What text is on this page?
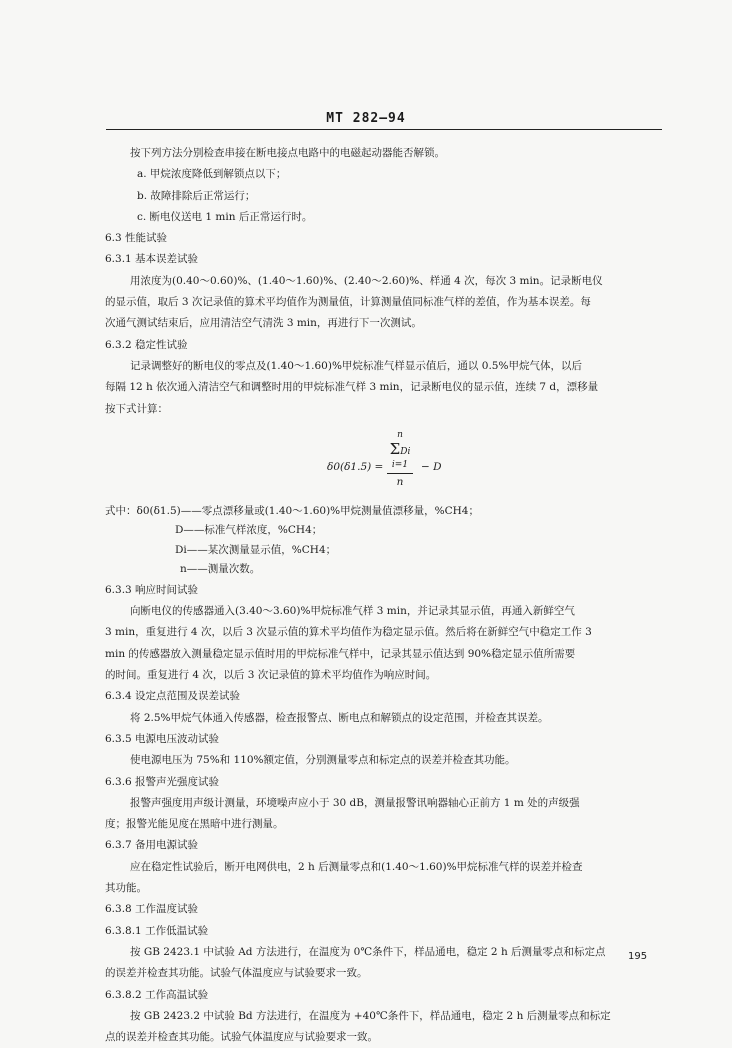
MT 282—94

按下列方法分别检查串接在断电接点电路中的电磁起动器能否解锁。

a. 甲烷浓度降低到解锁点以下；

b. 故障排除后正常运行；

c. 断电仪送电 1 min 后正常运行时。

6.3 性能试验

6.3.1 基本误差试验

用浓度为(0.40～0.60)%、(1.40～1.60)%、(2.40～2.60)%、样通 4 次，每次 3 min。记录断电仪

的显示值，取后 3 次记录值的算术平均值作为测量值，计算测量值同标准气样的差值，作为基本误差。每

次通气测试结束后，应用清洁空气清洗 3 min，再进行下一次测试。

6.3.2 稳定性试验

记录调整好的断电仪的零点及(1.40～1.60)%甲烷标准气样显示值后，通以 0.5%甲烷气体，以后

每隔 12 h 依次通入清洁空气和调整时用的甲烷标准气样 3 min，记录断电仪的显示值，连续 7 d，漂移量

按下式计算：

δ0(δ1.5) =
n
ΣDi
i=1
n
− D

式中：δ0(δ1.5)——零点漂移量或(1.40～1.60)%甲烷测量值漂移量，%CH4；

D——标准气样浓度，%CH4；

Di——某次测量显示值，%CH4；

n——测量次数。

6.3.3 响应时间试验

向断电仪的传感器通入(3.40～3.60)%甲烷标准气样 3 min，并记录其显示值，再通入新鲜空气

3 min，重复进行 4 次，以后 3 次显示值的算术平均值作为稳定显示值。然后将在新鲜空气中稳定工作 3

min 的传感器放入测量稳定显示值时用的甲烷标准气样中，记录其显示值达到 90%稳定显示值所需要

的时间。重复进行 4 次，以后 3 次记录值的算术平均值作为响应时间。

6.3.4 设定点范围及误差试验

将 2.5%甲烷气体通入传感器，检查报警点、断电点和解锁点的设定范围，并检查其误差。

6.3.5 电源电压波动试验

使电源电压为 75%和 110%额定值，分别测量零点和标定点的误差并检查其功能。

6.3.6 报警声光强度试验

报警声强度用声级计测量，环境噪声应小于 30 dB，测量报警讯响器轴心正前方 1 m 处的声级强

度；报警光能见度在黑暗中进行测量。

6.3.7 备用电源试验

应在稳定性试验后，断开电网供电，2 h 后测量零点和(1.40～1.60)%甲烷标准气样的误差并检查

其功能。

6.3.8 工作温度试验

6.3.8.1 工作低温试验

按 GB 2423.1 中试验 Ad 方法进行，在温度为 0℃条件下，样品通电，稳定 2 h 后测量零点和标定点

的误差并检查其功能。试验气体温度应与试验要求一致。

6.3.8.2 工作高温试验

按 GB 2423.2 中试验 Bd 方法进行，在温度为 +40℃条件下，样品通电，稳定 2 h 后测量零点和标定

点的误差并检查其功能。试验气体温度应与试验要求一致。

195
